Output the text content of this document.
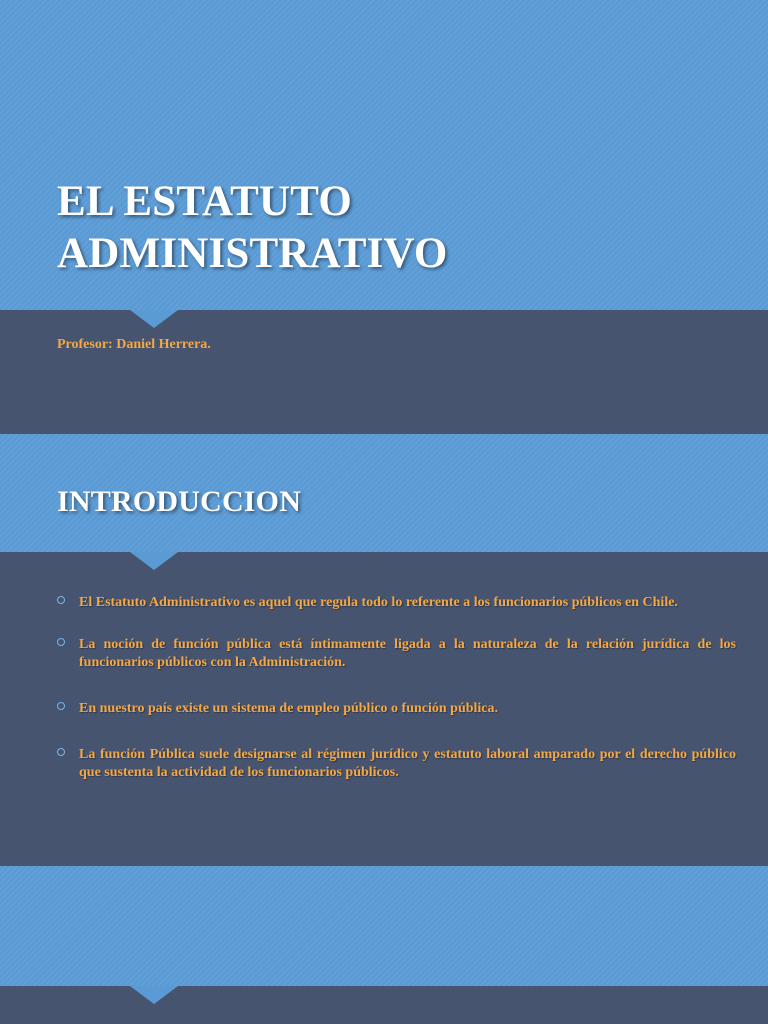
EL ESTATUTO
ADMINISTRATIVO
Profesor: Daniel Herrera.
INTRODUCCION
El Estatuto Administrativo es aquel que regula todo lo referente a los funcionarios públicos en Chile.
La noción de función pública está íntimamente ligada a la naturaleza de la relación jurídica de los funcionarios públicos con la Administración.
En nuestro país existe un sistema de empleo público o función pública.
La función Pública suele designarse al régimen jurídico y estatuto laboral amparado por el derecho público que sustenta la actividad de los funcionarios públicos.
